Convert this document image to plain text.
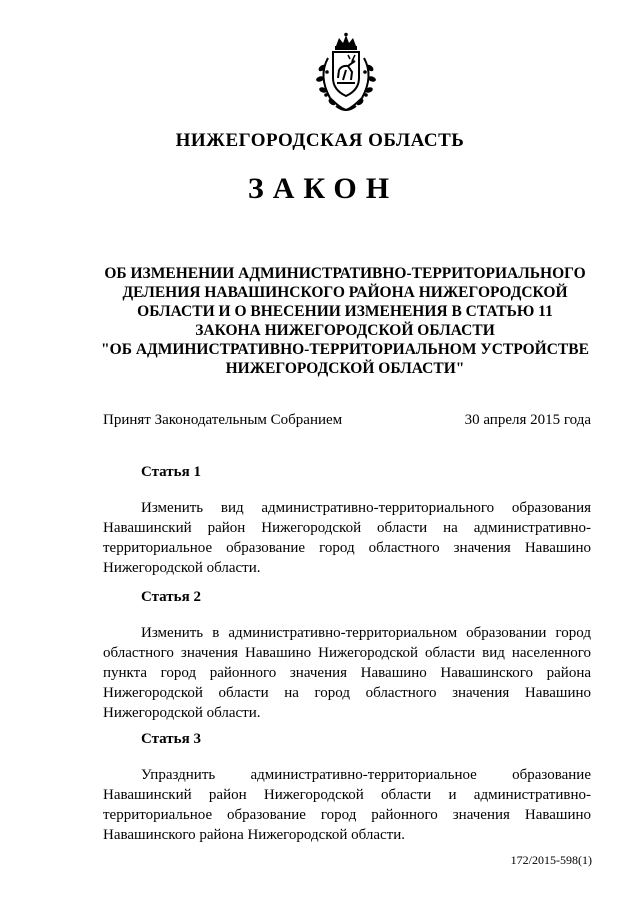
НИЖЕГОРОДСКАЯ ОБЛАСТЬ
ЗАКОН
ОБ ИЗМЕНЕНИИ АДМИНИСТРАТИВНО-ТЕРРИТОРИАЛЬНОГО
ДЕЛЕНИЯ НАВАШИНСКОГО РАЙОНА НИЖЕГОРОДСКОЙ
ОБЛАСТИ И О ВНЕСЕНИИ ИЗМЕНЕНИЯ В СТАТЬЮ 11
ЗАКОНА НИЖЕГОРОДСКОЙ ОБЛАСТИ
"ОБ АДМИНИСТРАТИВНО-ТЕРРИТОРИАЛЬНОМ УСТРОЙСТВЕ
НИЖЕГОРОДСКОЙ ОБЛАСТИ"
Принят Законодательным Собранием	30 апреля 2015 года
Статья 1
Изменить вид административно-территориального образования
Навашинский район Нижегородской области на административно-
территориальное образование город областного значения Навашино
Нижегородской области.
Статья 2
Изменить в административно-территориальном образовании город
областного значения Навашино Нижегородской области вид населенного
пункта город районного значения Навашино Навашинского района
Нижегородской области на город областного значения Навашино
Нижегородской области.
Статья 3
Упразднить административно-территориальное образование
Навашинский район Нижегородской области и административно-
территориальное образование город районного значения Навашино
Навашинского района Нижегородской области.
172/2015-598(1)
